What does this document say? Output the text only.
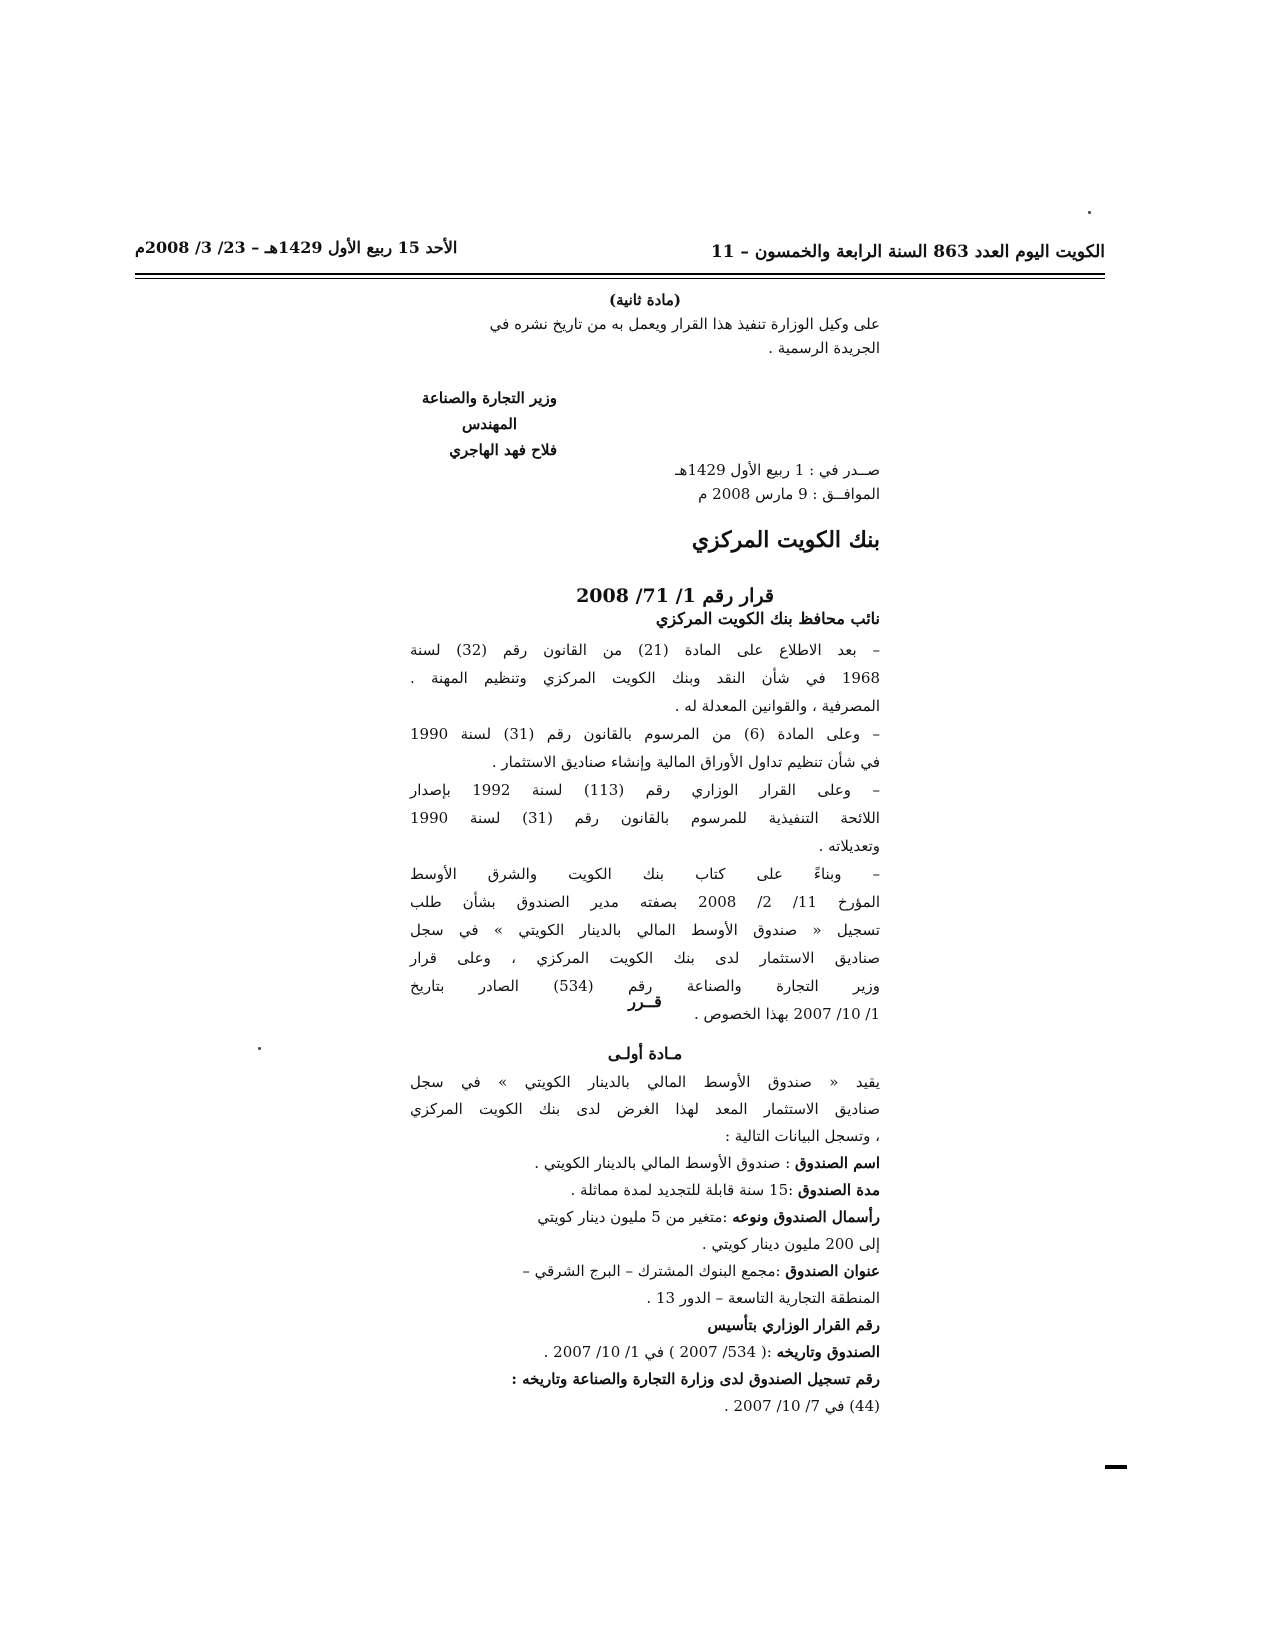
الكويت اليوم العدد 863 السنة الرابعة والخمسون – 11
الأحد 15 ربيع الأول 1429هـ – 23/ 3/ 2008م

(مادة ثانية)

على وكيل الوزارة تنفيذ هذا القرار ويعمل به من تاريخ نشره في

الجريدة الرسمية .

وزير التجارة والصناعة

المهندس

فلاح فهد الهاجري

صــدر في : 1 ربيع الأول 1429هـ

الموافــق : 9 مارس 2008 م

بنك الكويت المركزي
قرار رقم 1/ 71/ 2008
نائب محافظ بنك الكويت المركزي

– بعد الاطلاع على المادة (21) من القانون رقم (32) لسنة

1968 في شأن النقد وبنك الكويت المركزي وتنظيم المهنة .

المصرفية ، والقوانين المعدلة له .

– وعلى المادة (6) من المرسوم بالقانون رقم (31) لسنة 1990

في شأن تنظيم تداول الأوراق المالية وإنشاء صناديق الاستثمار .

– وعلى القرار الوزاري رقم (113) لسنة 1992 بإصدار

اللائحة التنفيذية للمرسوم بالقانون رقم (31) لسنة 1990

وتعديلاته .

– وبناءً على كتاب بنك الكويت والشرق الأوسط

المؤرخ 11/ 2/ 2008 بصفته مدير الصندوق بشأن طلب

تسجيل « صندوق الأوسط المالي بالدينار الكويتي » في سجل

صناديق الاستثمار لدى بنك الكويت المركزي ، وعلى قرار

وزير التجارة والصناعة رقم (534) الصادر بتاريخ

1/ 10/ 2007 بهذا الخصوص .

قــرر

مـادة أولـى

يقيد « صندوق الأوسط المالي بالدينار الكويتي » في سجل

صناديق الاستثمار المعد لهذا الغرض لدى بنك الكويت المركزي

، وتسجل البيانات التالية :

اسم الصندوق : صندوق الأوسط المالي بالدينار الكويتي .

مدة الصندوق :15 سنة قابلة للتجديد لمدة مماثلة .

رأسمال الصندوق ونوعه :متغير من 5 مليون دينار كويتي

إلى 200 مليون دينار كويتي .

عنوان الصندوق :مجمع البنوك المشترك – البرج الشرقي –

المنطقة التجارية التاسعة – الدور 13 .

رقم القرار الوزاري بتأسيس

الصندوق وتاريخه :( 534/ 2007 ) في 1/ 10/ 2007 .

رقم تسجيل الصندوق لدى وزارة التجارة والصناعة وتاريخه :

(44) في 7/ 10/ 2007 .
